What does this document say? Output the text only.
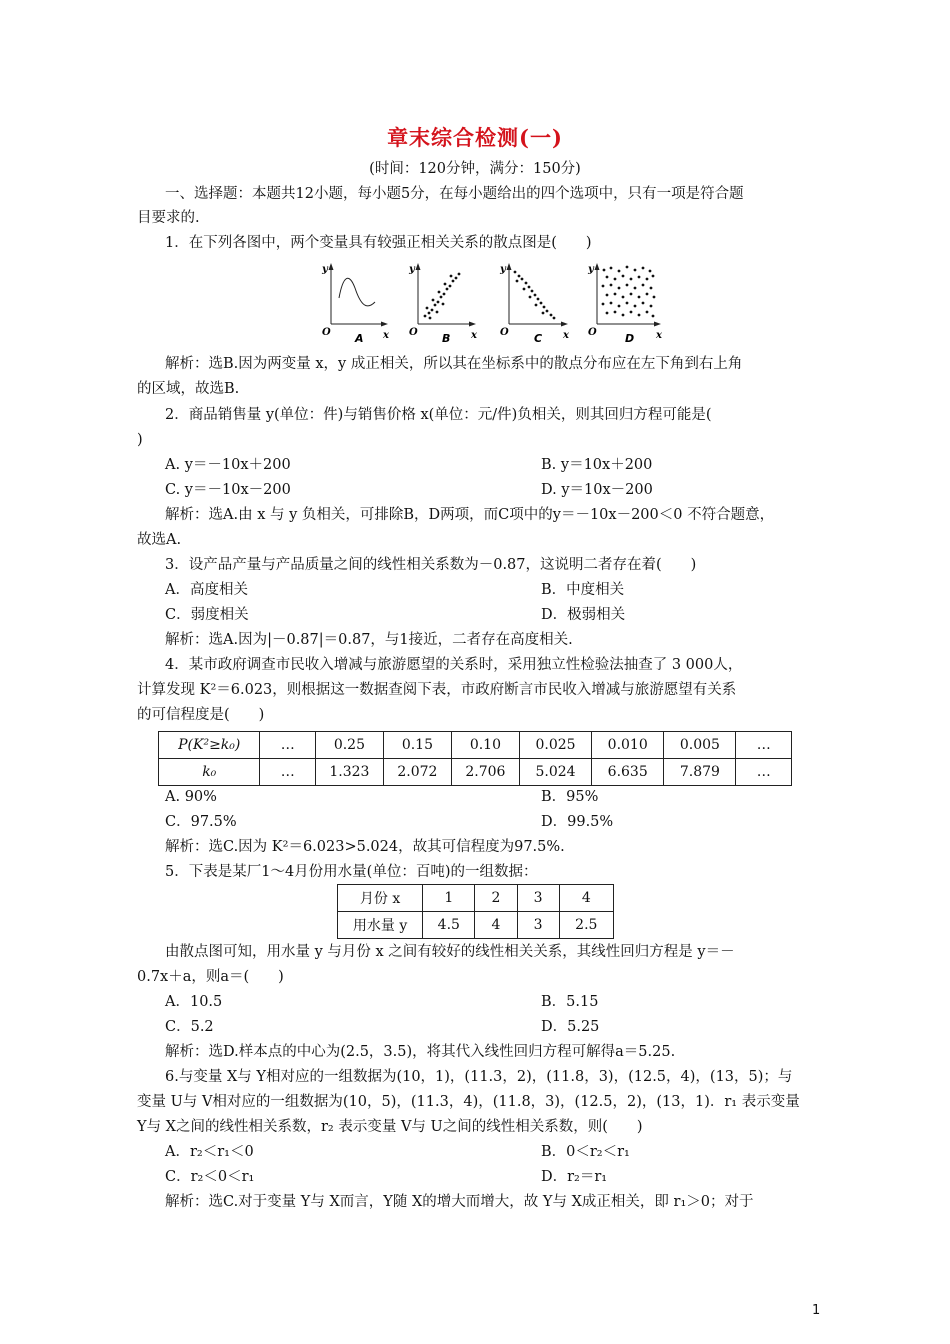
章末综合检测(一)
(时间：120分钟，满分：150分)
一、选择题：本题共12小题，每小题5分，在每小题给出的四个选项中，只有一项是符合题
目要求的.
1．在下列各图中，两个变量具有较强正相关关系的散点图是(　　)
y
x
O A
y
x
O B
y
x
O C
y
x
O	D
解析：选B.因为两变量 x，y 成正相关，所以其在坐标系中的散点分布应在左下角到右上角
的区域，故选B.
2．商品销售量 y(单位：件)与销售价格 x(单位：元/件)负相关，则其回归方程可能是(
)
A. y＝－10x＋200	B. y＝10x＋200
C. y＝－10x－200	D. y＝10x－200
解析：选A.由 x 与 y 负相关，可排除B，D两项，而C项中的y＝－10x－200＜0 不符合题意，
故选A.
3．设产品产量与产品质量之间的线性相关系数为－0.87，这说明二者存在着(　　)
A．高度相关	B．中度相关
C．弱度相关	D．极弱相关
解析：选A.因为|－0.87|＝0.87，与1接近，二者存在高度相关.
4．某市政府调查市民收入增减与旅游愿望的关系时，采用独立性检验法抽查了 3 000人，
计算发现 K²＝6.023，则根据这一数据查阅下表，市政府断言市民收入增减与旅游愿望有关系
的可信程度是(　　)
P(K²≥k₀)	…	0.25	0.15	0.10	0.025	0.010	0.005	…
k₀	…	1.323	2.072	2.706	5.024	6.635	7.879	…
A. 90%	B．95%
C．97.5%	D．99.5%
解析：选C.因为 K²＝6.023>5.024，故其可信程度为97.5%.
5．下表是某厂1～4月份用水量(单位：百吨)的一组数据：
月份 x	1	2	3	4
用水量 y	4.5	4	3	2.5
由散点图可知，用水量 y 与月份 x 之间有较好的线性相关关系，其线性回归方程是 y＝－
0.7x＋a，则a＝(　　)
A．10.5	B．5.15
C．5.2	D．5.25
解析：选D.样本点的中心为(2.5，3.5)，将其代入线性回归方程可解得a＝5.25.
6.与变量 X与 Y相对应的一组数据为(10，1)，(11.3，2)，(11.8，3)，(12.5，4)，(13，5)；与
变量 U与 V相对应的一组数据为(10，5)，(11.3，4)，(11.8，3)，(12.5，2)，(13，1)．r₁ 表示变量
Y与 X之间的线性相关系数，r₂ 表示变量 V与 U之间的线性相关系数，则(　　)
A．r₂＜r₁＜0	B．0＜r₂＜r₁
C．r₂＜0＜r₁	D．r₂＝r₁
解析：选C.对于变量 Y与 X而言，Y随 X的增大而增大，故 Y与 X成正相关，即 r₁＞0；对于
1
